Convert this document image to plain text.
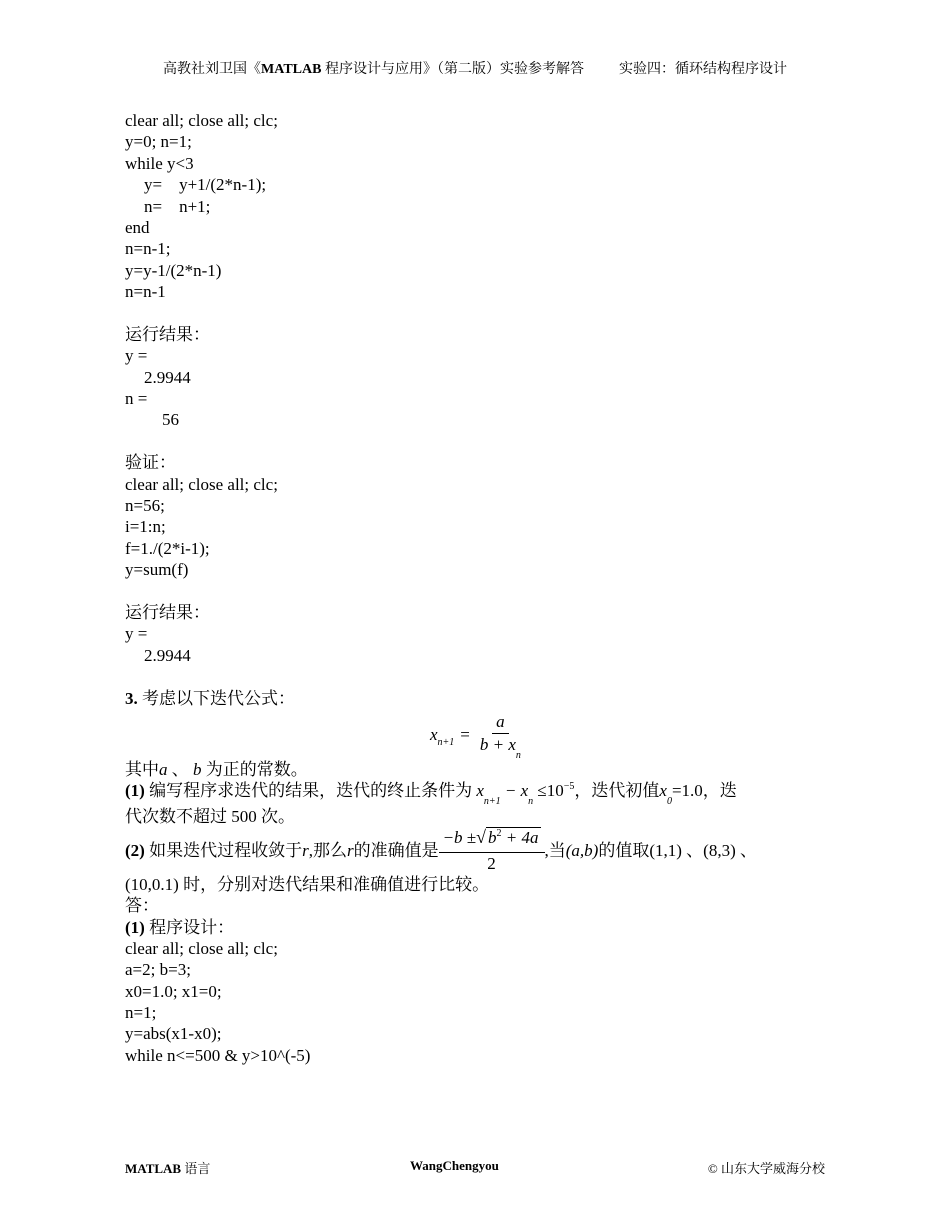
高教社刘卫国《MATLAB 程序设计与应用》（第二版）实验参考解答	实验四：循环结构程序设计
clear all; close all; clc;
y=0; n=1;
while y<3
y=    y+1/(2*n-1);
n=    n+1;
end
n=n-1;
y=y-1/(2*n-1)
n=n-1
运行结果：
y =
2.9944
n =
56
验证：
clear all; close all; clc;
n=56;
i=1:n;
f=1./(2*i-1);
y=sum(f)
运行结果：
y =
2.9944
3. 考虑以下迭代公式：
x $n+1 = \frac{a}{b + x_n}$
其中a 、 b 为正的常数。
(1) 编写程序求迭代的结果，迭代的终止条件为 $x_{n+1} - x_n \le 10^{-5}$，迭代初值$x_0=1.0$，迭
代次数不超过 500 次。
(2)
如果迭代过程收敛于 r ,那么 r 的准确值是 $\frac{-b \pm√ b^2 + 4a}{2}$ ,当 (a,b) 的值取 (1,1) 、(8,3) 、
(10,0.1) 时，分别对迭代结果和准确值进行比较。
答：
(1) 程序设计：
clear all; close all; clc;
a=2; b=3;
x0=1.0; x1=0;
n=1;
y=abs(x1-x0);
while n<=500 & y>10^(-5)
MATLAB 语言	WangChengyou	© 山东大学威海分校
